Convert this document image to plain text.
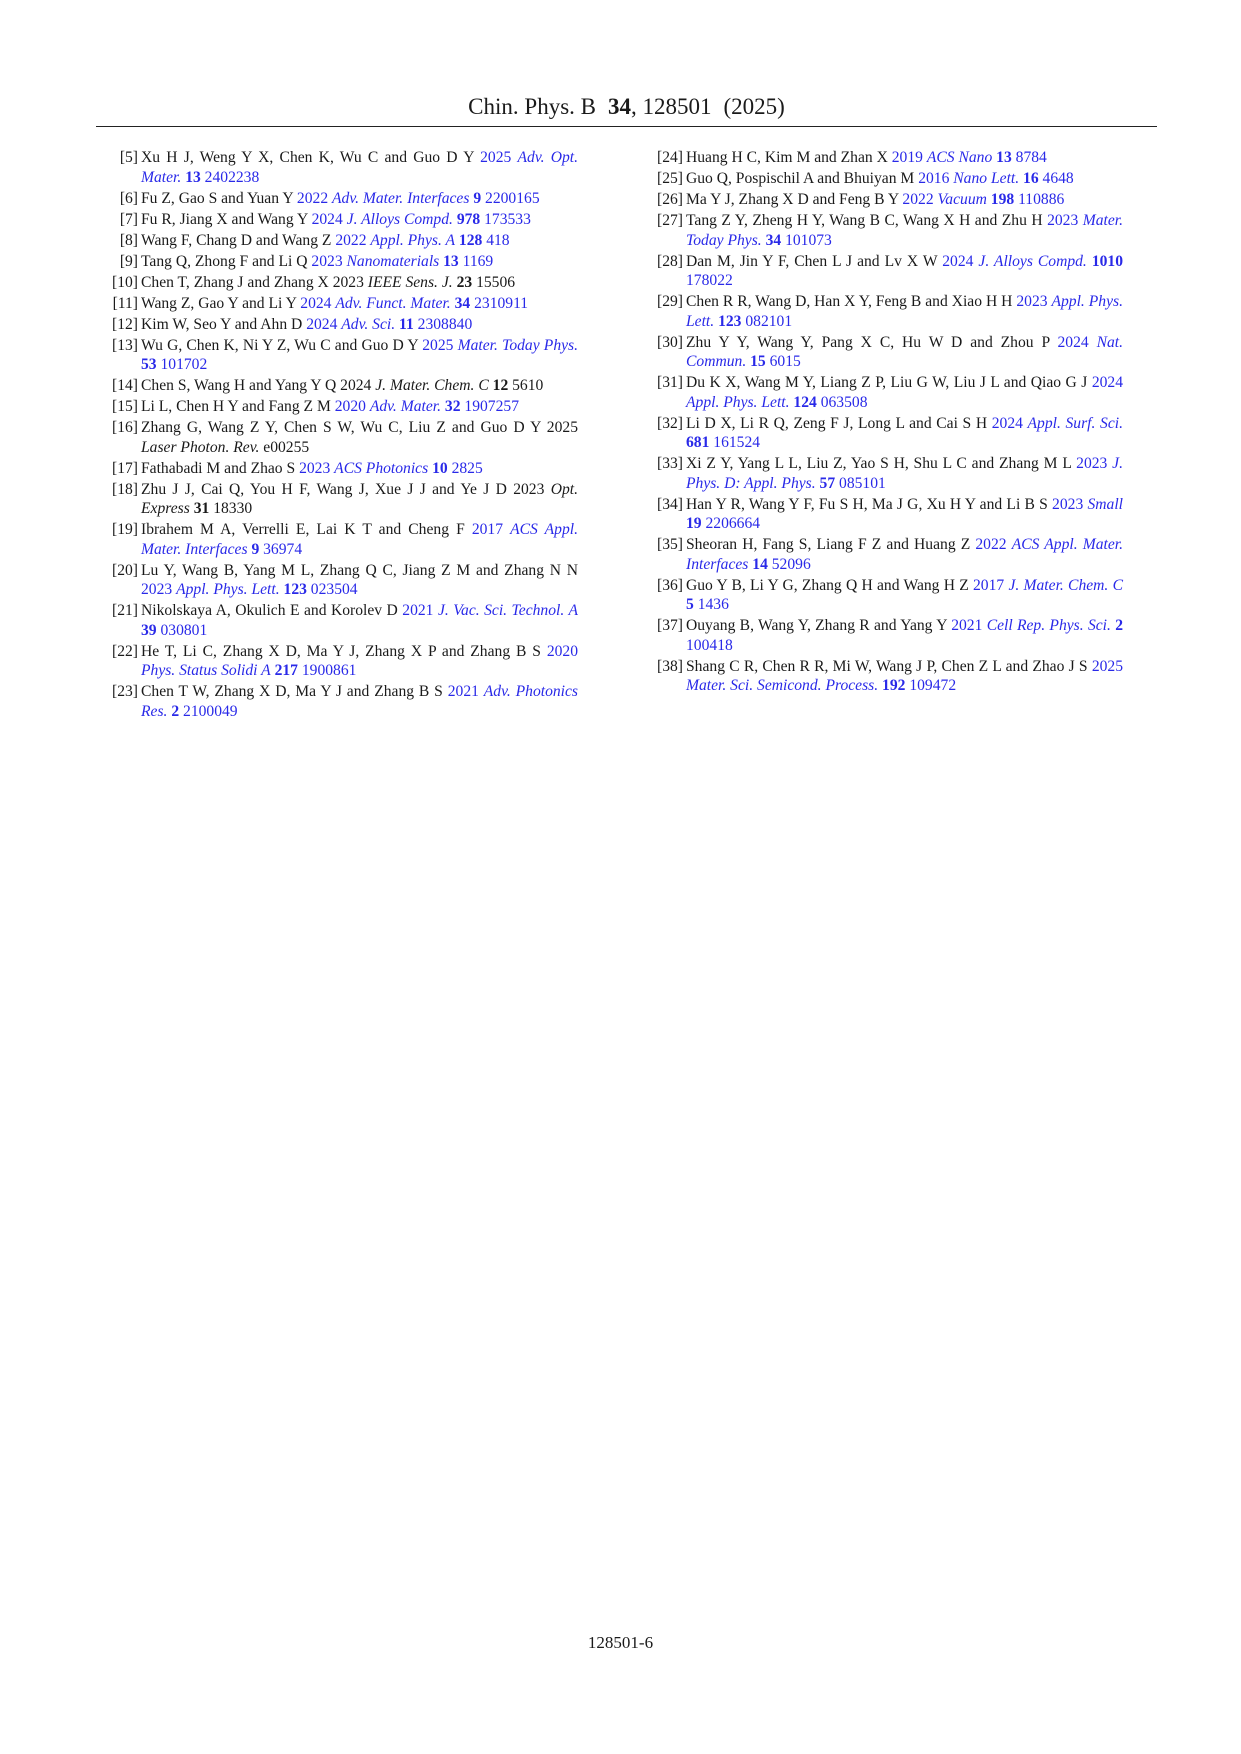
Chin. Phys. B 34, 128501 (2025)
[5] Xu H J, Weng Y X, Chen K, Wu C and Guo D Y 2025 Adv. Opt. Mater. 13 2402238
[6] Fu Z, Gao S and Yuan Y 2022 Adv. Mater. Interfaces 9 2200165
[7] Fu R, Jiang X and Wang Y 2024 J. Alloys Compd. 978 173533
[8] Wang F, Chang D and Wang Z 2022 Appl. Phys. A 128 418
[9] Tang Q, Zhong F and Li Q 2023 Nanomaterials 13 1169
[10] Chen T, Zhang J and Zhang X 2023 IEEE Sens. J. 23 15506
[11] Wang Z, Gao Y and Li Y 2024 Adv. Funct. Mater. 34 2310911
[12] Kim W, Seo Y and Ahn D 2024 Adv. Sci. 11 2308840
[13] Wu G, Chen K, Ni Y Z, Wu C and Guo D Y 2025 Mater. Today Phys. 53 101702
[14] Chen S, Wang H and Yang Y Q 2024 J. Mater. Chem. C 12 5610
[15] Li L, Chen H Y and Fang Z M 2020 Adv. Mater. 32 1907257
[16] Zhang G, Wang Z Y, Chen S W, Wu C, Liu Z and Guo D Y 2025 Laser Photon. Rev. e00255
[17] Fathabadi M and Zhao S 2023 ACS Photonics 10 2825
[18] Zhu J J, Cai Q, You H F, Wang J, Xue J J and Ye J D 2023 Opt. Express 31 18330
[19] Ibrahem M A, Verrelli E, Lai K T and Cheng F 2017 ACS Appl. Mater. Interfaces 9 36974
[20] Lu Y, Wang B, Yang M L, Zhang Q C, Jiang Z M and Zhang N N 2023 Appl. Phys. Lett. 123 023504
[21] Nikolskaya A, Okulich E and Korolev D 2021 J. Vac. Sci. Technol. A 39 030801
[22] He T, Li C, Zhang X D, Ma Y J, Zhang X P and Zhang B S 2020 Phys. Status Solidi A 217 1900861
[23] Chen T W, Zhang X D, Ma Y J and Zhang B S 2021 Adv. Photonics Res. 2 2100049
[24] Huang H C, Kim M and Zhan X 2019 ACS Nano 13 8784
[25] Guo Q, Pospischil A and Bhuiyan M 2016 Nano Lett. 16 4648
[26] Ma Y J, Zhang X D and Feng B Y 2022 Vacuum 198 110886
[27] Tang Z Y, Zheng H Y, Wang B C, Wang X H and Zhu H 2023 Mater. Today Phys. 34 101073
[28] Dan M, Jin Y F, Chen L J and Lv X W 2024 J. Alloys Compd. 1010 178022
[29] Chen R R, Wang D, Han X Y, Feng B and Xiao H H 2023 Appl. Phys. Lett. 123 082101
[30] Zhu Y Y, Wang Y, Pang X C, Hu W D and Zhou P 2024 Nat. Commun. 15 6015
[31] Du K X, Wang M Y, Liang Z P, Liu G W, Liu J L and Qiao G J 2024 Appl. Phys. Lett. 124 063508
[32] Li D X, Li R Q, Zeng F J, Long L and Cai S H 2024 Appl. Surf. Sci. 681 161524
[33] Xi Z Y, Yang L L, Liu Z, Yao S H, Shu L C and Zhang M L 2023 J. Phys. D: Appl. Phys. 57 085101
[34] Han Y R, Wang Y F, Fu S H, Ma J G, Xu H Y and Li B S 2023 Small 19 2206664
[35] Sheoran H, Fang S, Liang F Z and Huang Z 2022 ACS Appl. Mater. Interfaces 14 52096
[36] Guo Y B, Li Y G, Zhang Q H and Wang H Z 2017 J. Mater. Chem. C 5 1436
[37] Ouyang B, Wang Y, Zhang R and Yang Y 2021 Cell Rep. Phys. Sci. 2 100418
[38] Shang C R, Chen R R, Mi W, Wang J P, Chen Z L and Zhao J S 2025 Mater. Sci. Semicond. Process. 192 109472
128501-6
